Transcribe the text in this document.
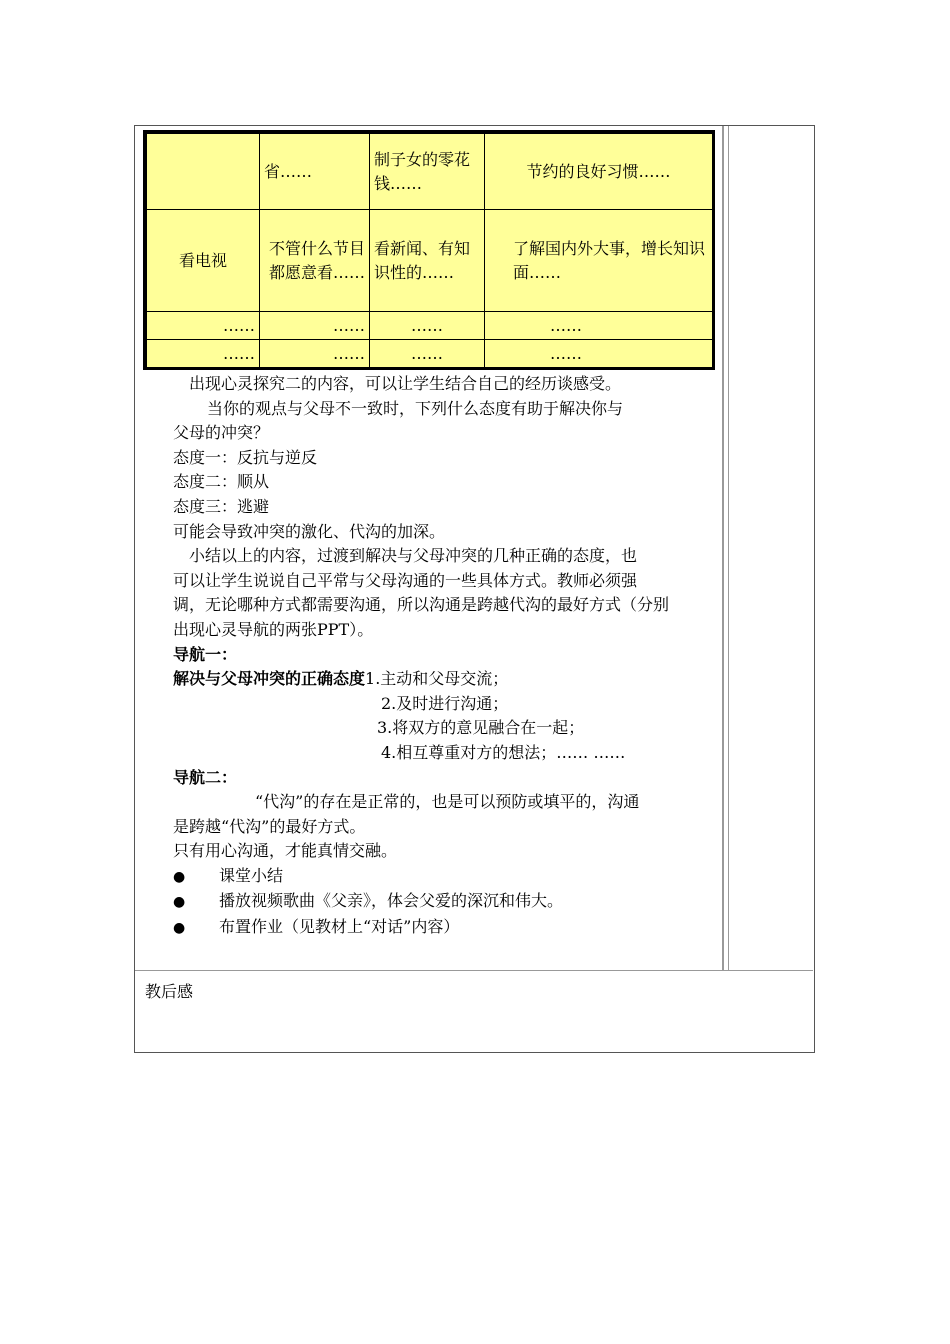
	省……	制子女的零花钱……	节约的良好习惯……
看电视	不管什么节目都愿意看……	看新闻、有知识性的……	了解国内外大事，增长知识面……
……	……	……	……
……	……	……	……

出现心灵探究二的内容，可以让学生结合自己的经历谈感受。

当你的观点与父母不一致时，下列什么态度有助于解决你与

父母的冲突？

态度一：反抗与逆反

态度二：顺从

态度三：逃避

可能会导致冲突的激化、代沟的加深。

小结以上的内容，过渡到解决与父母冲突的几种正确的态度，也

可以让学生说说自己平常与父母沟通的一些具体方式。教师必须强

调，无论哪种方式都需要沟通，所以沟通是跨越代沟的最好方式（分别

出现心灵导航的两张PPT）。

导航一：

解决与父母冲突的正确态度1.主动和父母交流；

2.及时进行沟通；

3.将双方的意见融合在一起；

4.相互尊重对方的想法；…… ……

导航二：

“代沟”的存在是正常的，也是可以预防或填平的，沟通

是跨越“代沟”的最好方式。

只有用心沟通，才能真情交融。

●
课堂小结
●
播放视频歌曲《父亲》，体会父爱的深沉和伟大。
●
布置作业（见教材上“对话”内容）
教后感
